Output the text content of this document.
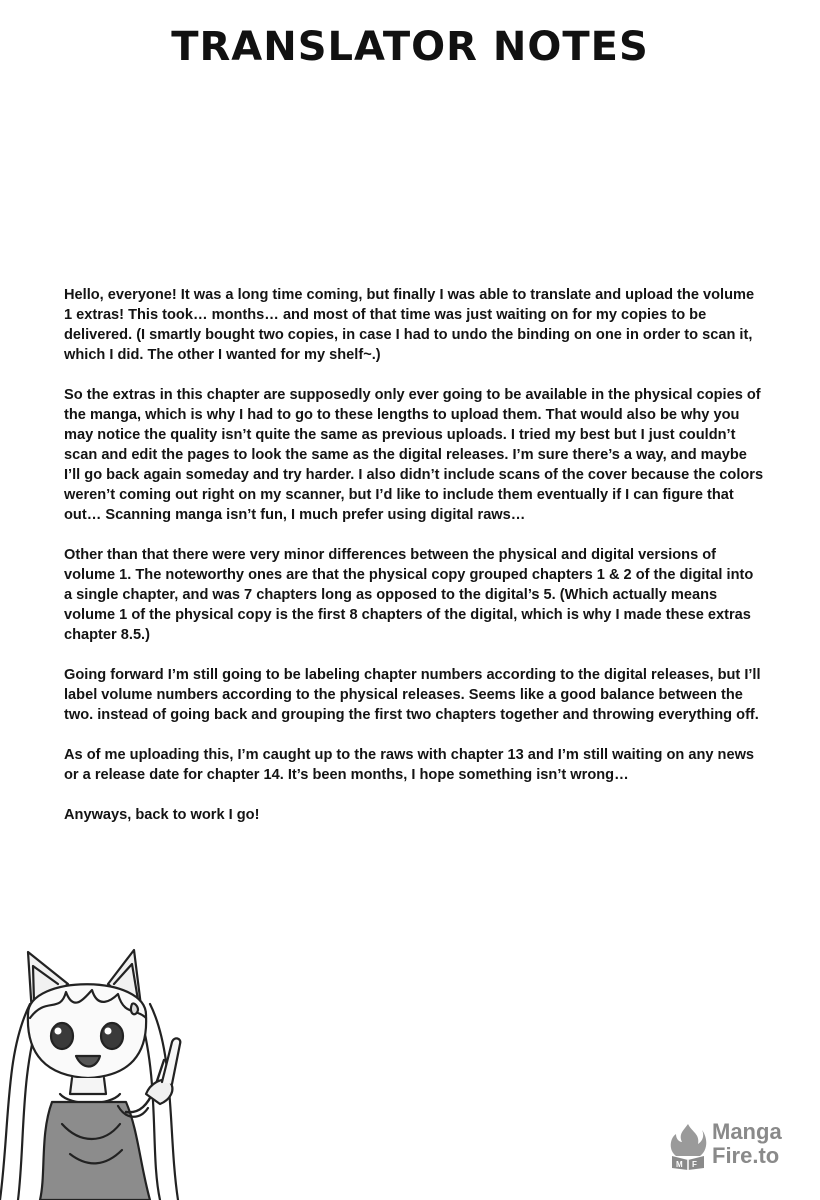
TRANSLATOR NOTES

Hello, everyone! It was a long time coming, but finally I was able to translate and upload the volume 1 extras! This took… months… and most of that time was just waiting on for my copies to be delivered. (I smartly bought two copies, in case I had to undo the binding on one in order to scan it, which I did. The other I wanted for my shelf~.)

So the extras in this chapter are supposedly only ever going to be available in the physical copies of the manga, which is why I had to go to these lengths to upload them. That would also be why you may notice the quality isn’t quite the same as previous uploads. I tried my best but I just couldn’t scan and edit the pages to look the same as the digital releases. I’m sure there’s a way, and maybe I’ll go back again someday and try harder. I also didn’t include scans of the cover because the colors weren’t coming out right on my scanner, but I’d like to include them eventually if I can figure that out… Scanning manga isn’t fun, I much prefer using digital raws…

Other than that there were very minor differences between the physical and digital versions of volume 1. The noteworthy ones are that the physical copy grouped chapters 1 & 2 of the digital into a single chapter, and was 7 chapters long as opposed to the digital’s 5. (Which actually means volume 1 of the physical copy is the first 8 chapters of the digital, which is why I made these extras chapter 8.5.)

Going forward I’m still going to be labeling chapter numbers according to the digital releases, but I’ll label volume numbers according to the physical releases. Seems like a good balance between the two. instead of going back and grouping the first two chapters together and throwing everything off.

As of me uploading this, I’m caught up to the raws with chapter 13 and I’m still waiting on any news or a release date for chapter 14. It’s been months, I hope something isn’t wrong…

Anyways, back to work I go!

M F
Manga
Fire.to
